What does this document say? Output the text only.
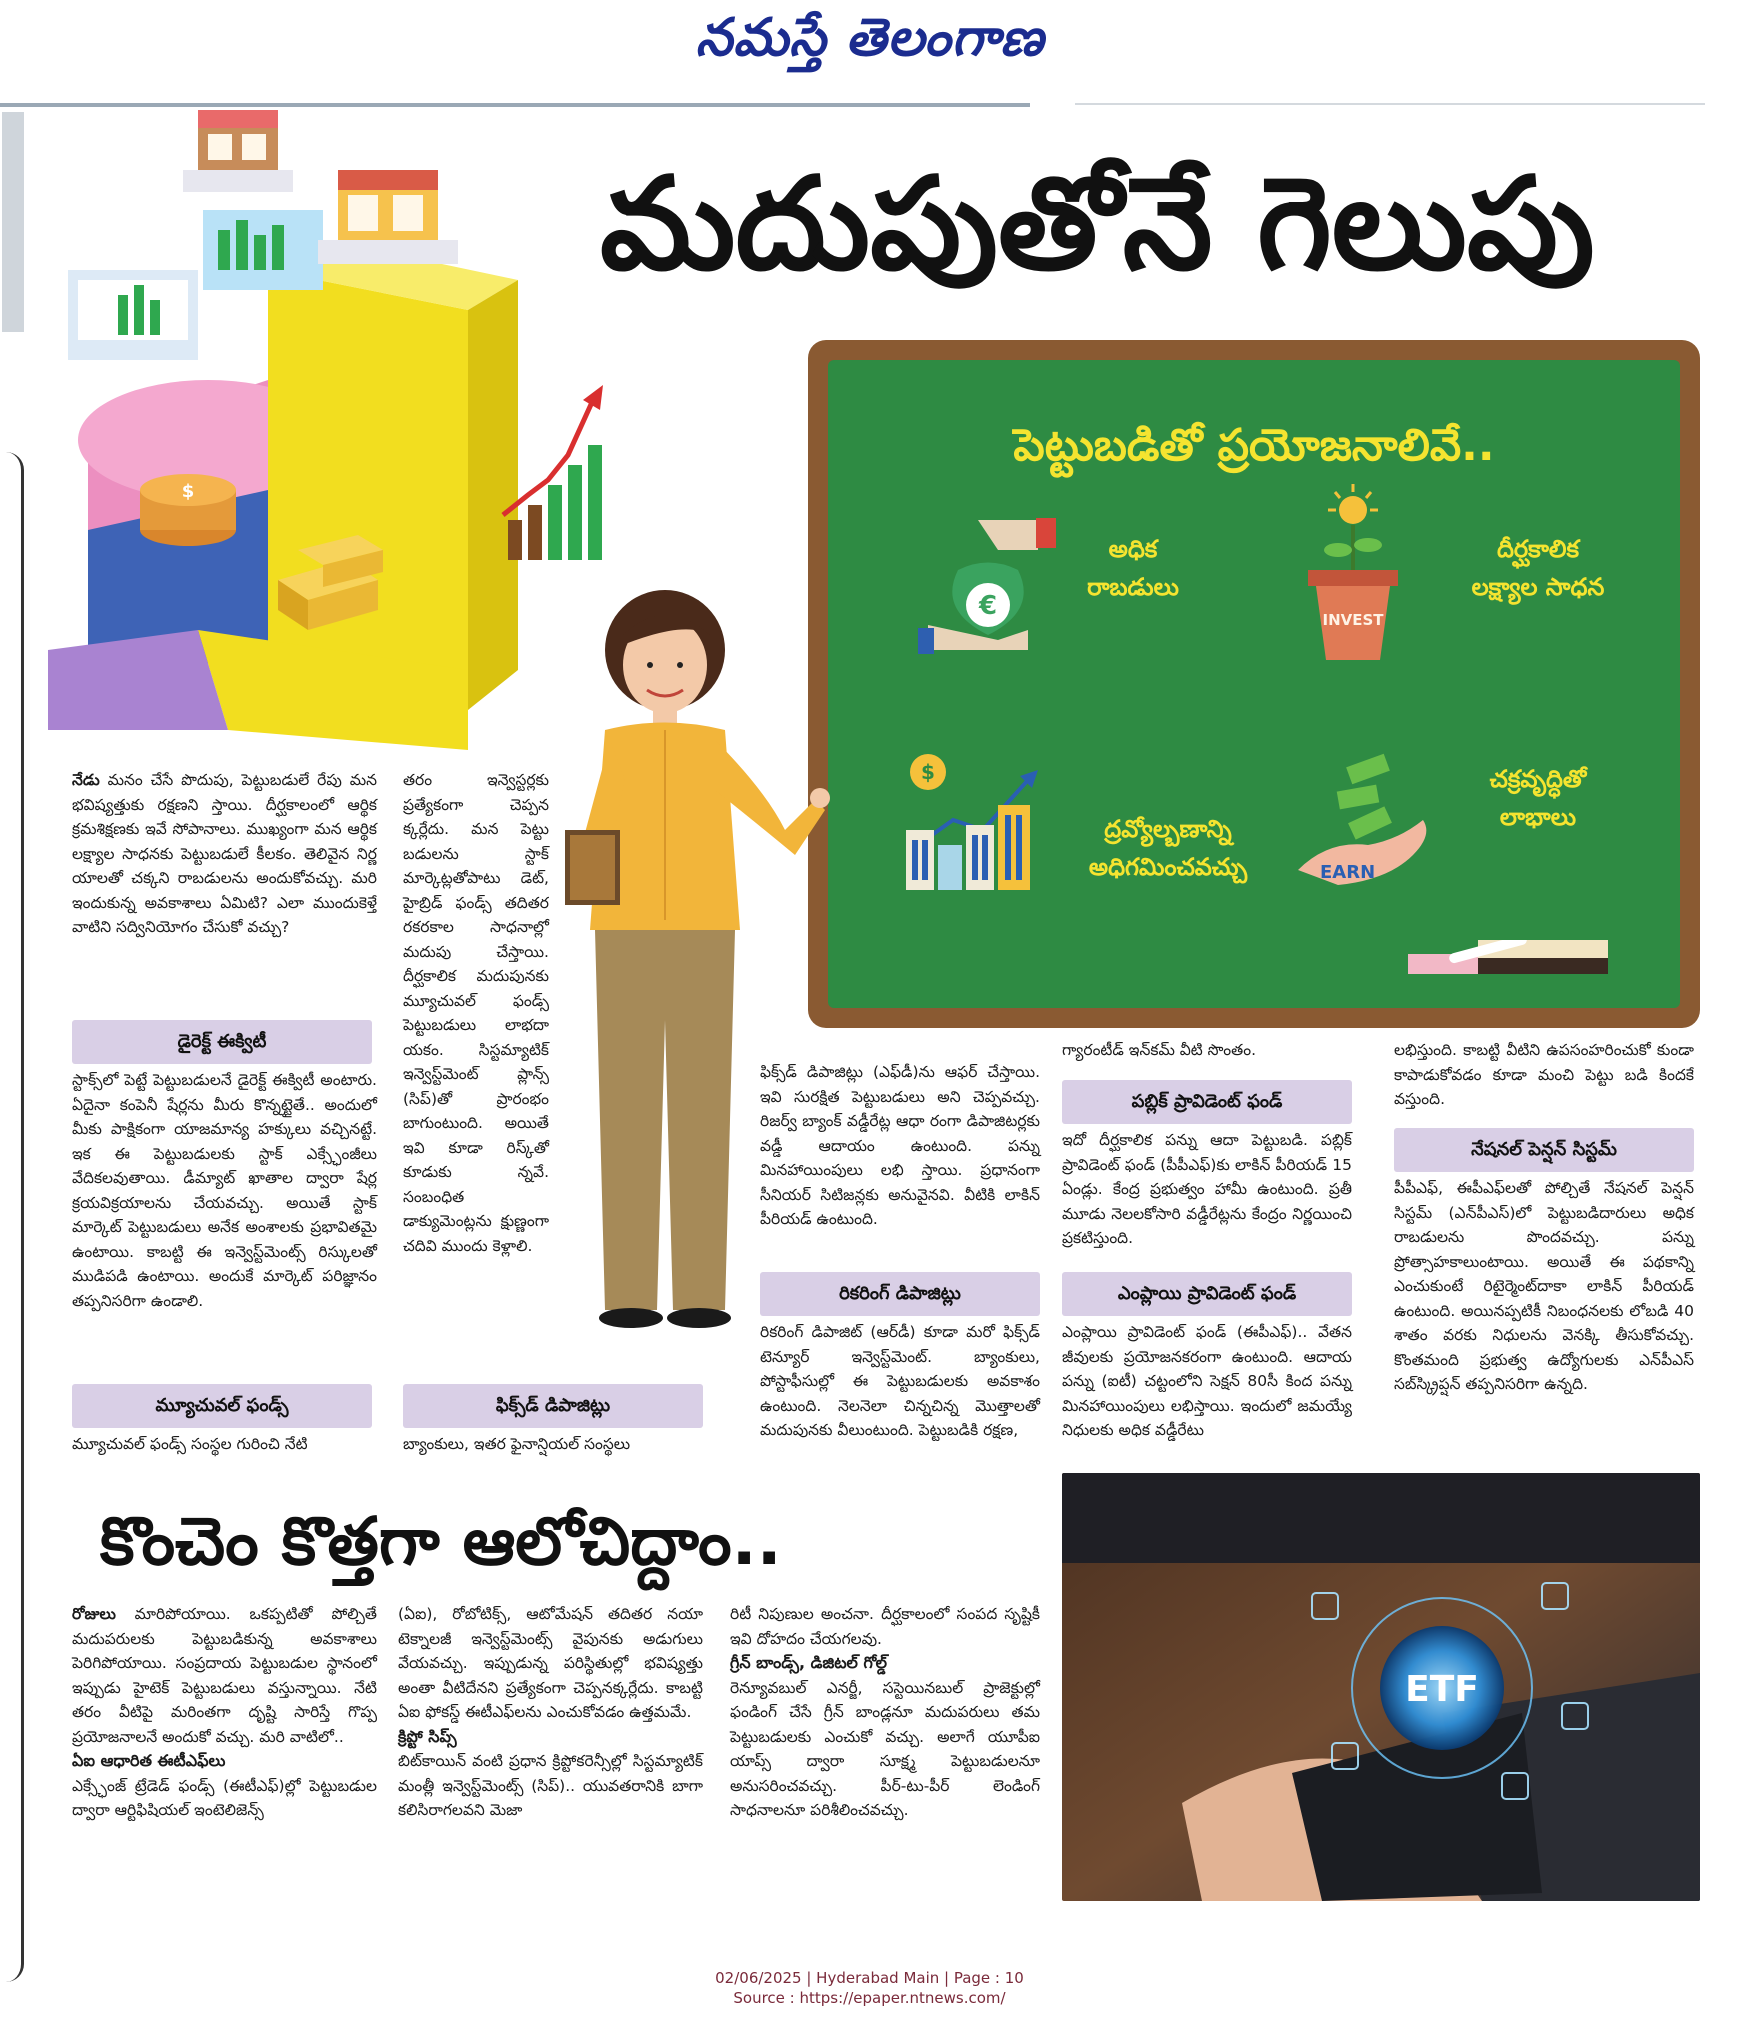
నమస్తే తెలంగాణ
మదుపుతోనే గెలుపు
$
పెట్టుబడితో ప్రయోజనాలివే..
€
అధిక
రాబడులు
INVEST
దీర్ఘకాలిక
లక్ష్యాల సాధన
$
ద్రవ్యోల్బణాన్ని
అధిగమించవచ్చు	EARN
చక్రవృద్ధితో
లాభాలు

నేడు మనం చేసే పొదుపు, పెట్టుబడులే రేపు మన భవిష్యత్తుకు రక్షణని స్తాయి. దీర్ఘకాలంలో ఆర్థిక క్రమశిక్షణకు ఇవే సోపానాలు. ముఖ్యంగా మన ఆర్థిక లక్ష్యాల సాధనకు పెట్టుబడులే కీలకం. తెలివైన నిర్ణ యాలతో చక్కని రాబడులను అందుకోవచ్చు. మరి ఇందుకున్న అవకాశాలు ఏమిటి? ఎలా ముందుకెళ్తే వాటిని సద్వినియోగం చేసుకో వచ్చు?

డైరెక్ట్ ఈక్విటీ

స్టాక్స్‌లో పెట్టే పెట్టుబడులనే డైరెక్ట్ ఈక్విటీ అంటారు. ఏదైనా కంపెనీ షేర్లను మీరు కొన్నట్టైతే.. అందులో మీకు పాక్షికంగా యాజమాన్య హక్కులు వచ్చినట్టే. ఇక ఈ పెట్టుబడులకు స్టాక్ ఎక్స్ఛేంజీలు వేదికలవుతాయి. డీమ్యాట్ ఖాతాల ద్వారా షేర్ల క్రయవిక్రయాలను చేయవచ్చు. అయితే స్టాక్ మార్కెట్ పెట్టుబడులు అనేక అంశాలకు ప్రభావితమై ఉంటాయి. కాబట్టి ఈ ఇన్వెస్ట్‌మెంట్స్ రిస్కులతో ముడిపడి ఉంటాయి. అందుకే మార్కెట్ పరిజ్ఞానం తప్పనిసరిగా ఉండాలి.

మ్యూచువల్ ఫండ్స్

మ్యూచువల్ ఫండ్స్ సంస్థల గురించి నేటి

తరం ఇన్వెస్టర్లకు ప్రత్యేకంగా చెప్పన క్కర్లేదు. మన పెట్టు బడులను స్టాక్ మార్కెట్లతోపాటు డెట్, హైబ్రిడ్ ఫండ్స్ తదితర రకరకాల సాధనాల్లో మదుపు చేస్తాయి. దీర్ఘకాలిక మదుపునకు మ్యూచువల్ ఫండ్స్ పెట్టుబడులు లాభదా యకం. సిస్టమ్యాటిక్ ఇన్వెస్ట్‌మెంట్ ప్లాన్స్ (సిప్)తో ప్రారంభం బాగుంటుంది. అయితే ఇవి కూడా రిస్క్‌తో కూడుకు న్నవే. సంబంధిత డాక్యుమెంట్లను క్షుణ్ణంగా చదివి ముందు కెళ్లాలి.

ఫిక్స్‌డ్ డిపాజిట్లు

బ్యాంకులు, ఇతర ఫైనాన్షియల్ సంస్థలు

ఫిక్స్‌డ్ డిపాజిట్లు (ఎఫ్‌డీ)ను ఆఫర్ చేస్తాయి. ఇవి సురక్షిత పెట్టుబడులు అని చెప్పవచ్చు. రిజర్వ్ బ్యాంక్ వడ్డీరేట్ల ఆధా రంగా డిపాజిటర్లకు వడ్డీ ఆదాయం ఉంటుంది. పన్ను మినహాయింపులు లభి స్తాయి. ప్రధానంగా సీనియర్ సిటిజన్లకు అనువైనవి. వీటికి లాకిన్ పీరియడ్ ఉంటుంది.

రికరింగ్ డిపాజిట్లు

రికరింగ్ డిపాజిట్ (ఆర్‌డీ) కూడా మరో ఫిక్స్‌డ్ టెన్యూర్ ఇన్వెస్ట్‌మెంట్. బ్యాంకులు, పోస్టాఫీసుల్లో ఈ పెట్టుబడులకు అవకాశం ఉంటుంది. నెలనెలా చిన్నచిన్న మొత్తాలతో మదుపునకు వీలుంటుంది. పెట్టుబడికి రక్షణ,

గ్యారంటీడ్ ఇన్‌కమ్ వీటి సొంతం.

పబ్లిక్ ప్రావిడెంట్ ఫండ్

ఇదో దీర్ఘకాలిక పన్ను ఆదా పెట్టుబడి. పబ్లిక్ ప్రావిడెంట్ ఫండ్ (పీపీఎఫ్)కు లాకిన్ పీరియడ్ 15 ఏండ్లు. కేంద్ర ప్రభుత్వం హామీ ఉంటుంది. ప్రతీ మూడు నెలలకోసారి వడ్డీరేట్లను కేంద్రం నిర్ణయించి ప్రకటిస్తుంది.

ఎంప్లాయి ప్రావిడెంట్ ఫండ్

ఎంప్లాయి ప్రావిడెంట్ ఫండ్ (ఈపీఎఫ్).. వేతన జీవులకు ప్రయోజనకరంగా ఉంటుంది. ఆదాయ పన్ను (ఐటీ) చట్టంలోని సెక్షన్ 80సీ కింద పన్ను మినహాయింపులు లభిస్తాయి. ఇందులో జమయ్యే నిధులకు అధిక వడ్డీరేటు

లభిస్తుంది. కాబట్టి వీటిని ఉపసంహరించుకో కుండా కాపాడుకోవడం కూడా మంచి పెట్టు బడి కిందకే వస్తుంది.

నేషనల్ పెన్షన్ సిస్టమ్

పీపీఎఫ్, ఈపీఎఫ్‌లతో పోల్చితే నేషనల్ పెన్షన్ సిస్టమ్ (ఎన్‌పీఎస్)లో పెట్టుబడిదారులు అధిక రాబడులను పొందవచ్చు. పన్ను ప్రోత్సాహకాలుంటాయి. అయితే ఈ పథకాన్ని ఎంచుకుంటే రిటైర్మెంట్‌దాకా లాకిన్ పీరియడ్ ఉంటుంది. అయినప్పటికీ నిబంధనలకు లోబడి 40 శాతం వరకు నిధులను వెనక్కి తీసుకోవచ్చు. కొంతమంది ప్రభుత్వ ఉద్యోగులకు ఎన్‌పీఎస్ సబ్‌స్క్రిప్షన్ తప్పనిసరిగా ఉన్నది.

కొంచెం కొత్తగా ఆలోచిద్దాం..

రోజులు మారిపోయాయి. ఒకప్పటితో పోల్చితే మదుపరులకు పెట్టుబడికున్న అవకాశాలు పెరిగిపోయాయి. సంప్రదాయ పెట్టుబడుల స్థానంలో ఇప్పుడు హైటెక్ పెట్టుబడులు వస్తున్నాయి. నేటి తరం వీటిపై మరింతగా దృష్టి సారిస్తే గొప్ప ప్రయోజనాలనే అందుకో వచ్చు. మరి వాటిలో..

ఏఐ ఆధారిత ఈటీఎఫ్‌లు

ఎక్స్ఛేంజ్ ట్రేడెడ్ ఫండ్స్ (ఈటీఎఫ్)ల్లో పెట్టుబడుల ద్వారా ఆర్టిఫిషియల్ ఇంటెలిజెన్స్

(ఏఐ), రోబోటిక్స్, ఆటోమేషన్ తదితర నయా టెక్నాలజీ ఇన్వెస్ట్‌మెంట్స్ వైపునకు అడుగులు వేయవచ్చు. ఇప్పుడున్న పరిస్థితుల్లో భవిష్యత్తు అంతా వీటిదేనని ప్రత్యేకంగా చెప్పనక్కర్లేదు. కాబట్టి ఏఐ ఫోకస్డ్ ఈటీఎఫ్‌లను ఎంచుకోవడం ఉత్తమమే.

క్రిప్టో సిప్స్

బిట్‌కాయిన్ వంటి ప్రధాన క్రిప్టోకరెన్సీల్లో సిస్టమ్యాటిక్ మంత్లీ ఇన్వెస్ట్‌మెంట్స్ (సిప్).. యువతరానికి బాగా కలిసిరాగలవని మెజా

రిటీ నిపుణుల అంచనా. దీర్ఘకాలంలో సంపద సృష్టికీ ఇవి దోహదం చేయగలవు.

గ్రీన్ బాండ్స్, డిజిటల్ గోల్డ్

రెన్యూవబుల్ ఎనర్జీ, సస్టెయినబుల్ ప్రాజెక్టుల్లో ఫండింగ్ చేసే గ్రీన్ బాండ్లనూ మదుపరులు తమ పెట్టుబడులకు ఎంచుకో వచ్చు. అలాగే యూపీఐ యాప్స్ ద్వారా సూక్ష్మ పెట్టుబడులనూ అనుసరించవచ్చు. పీర్-టు-పీర్ లెండింగ్ సాధనాలనూ పరిశీలించవచ్చు.

ETF
02/06/2025 | Hyderabad Main | Page : 10
Source : https://epaper.ntnews.com/
